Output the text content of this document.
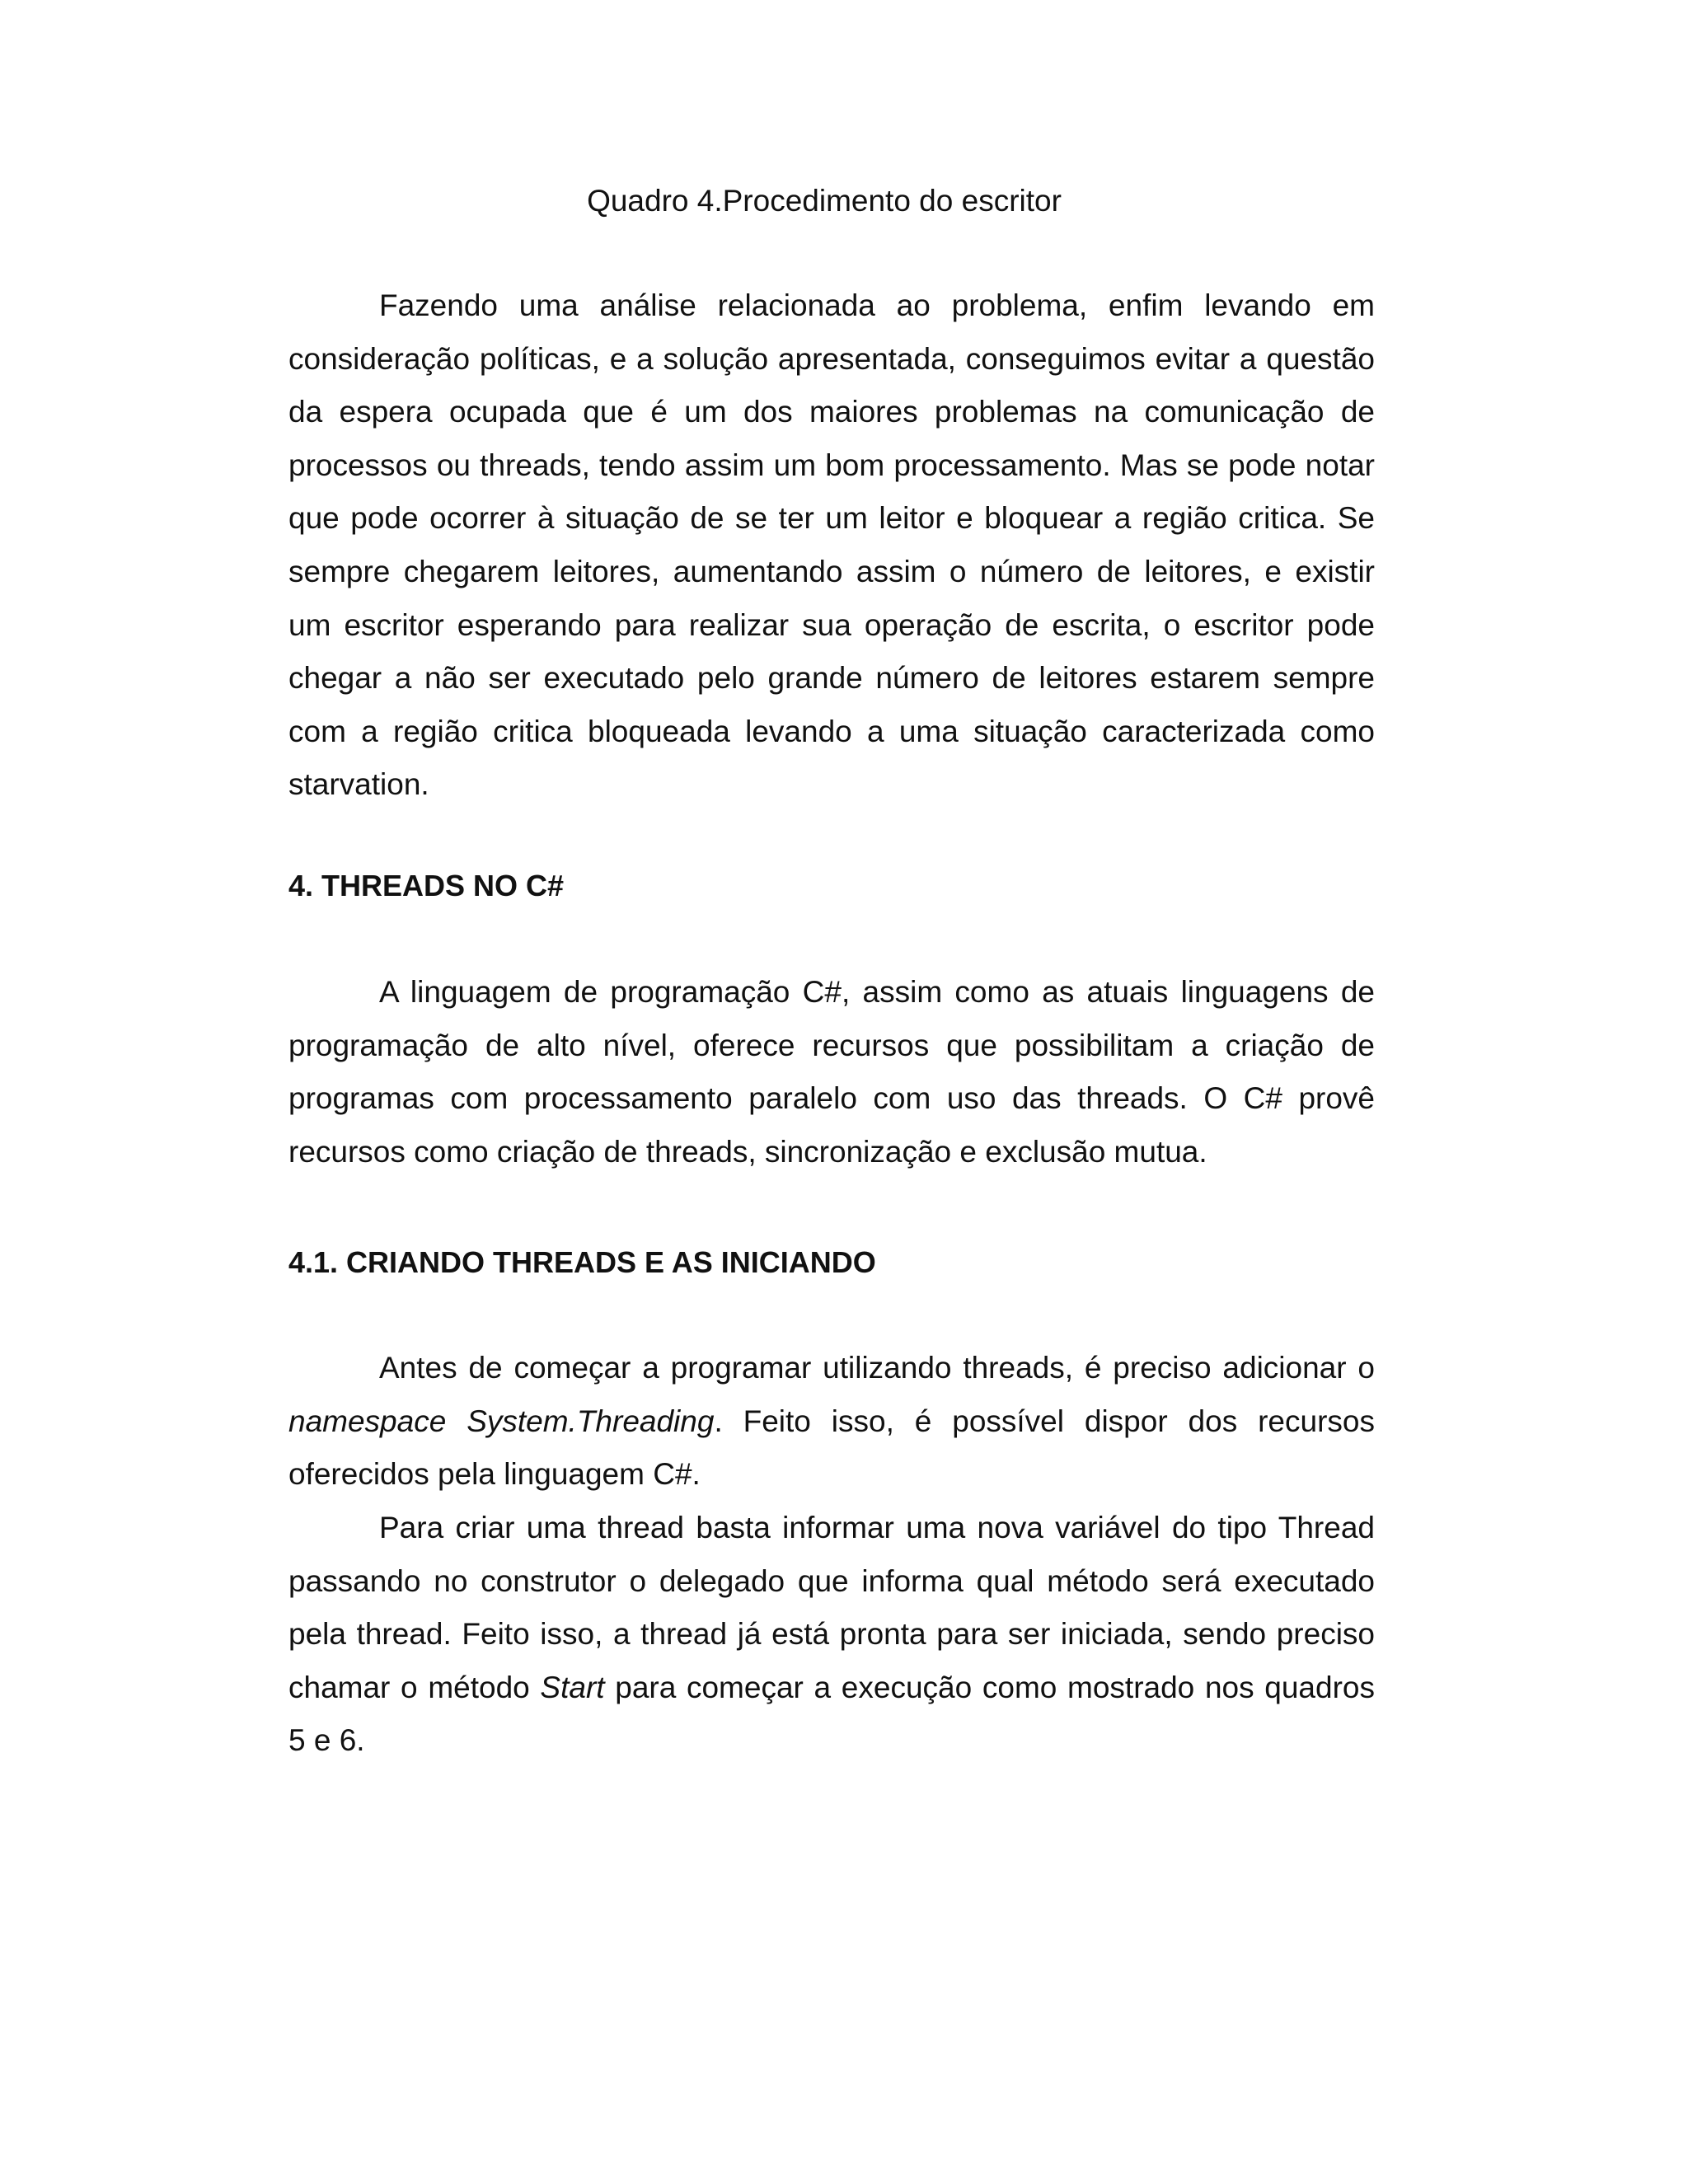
Quadro 4.Procedimento do escritor

Fazendo uma análise relacionada ao problema, enfim levando em consideração políticas, e a solução apresentada, conseguimos evitar a questão da espera ocupada que é um dos maiores problemas na comunicação de processos ou threads, tendo assim um bom processamento. Mas se pode notar que pode ocorrer à situação de se ter um leitor e bloquear a região critica. Se sempre chegarem leitores, aumentando assim o número de leitores, e existir um escritor esperando para realizar sua operação de escrita, o escritor pode chegar a não ser executado pelo grande número de leitores estarem sempre com a região critica bloqueada levando a uma situação caracterizada como starvation.

4. THREADS NO C#

A linguagem de programação C#, assim como as atuais linguagens de programação de alto nível, oferece recursos que possibilitam a criação de programas com processamento paralelo com uso das threads. O C# provê recursos como criação de threads, sincronização e exclusão mutua.

4.1. CRIANDO THREADS E AS INICIANDO

Antes de começar a programar utilizando threads, é preciso adicionar o namespace System.Threading. Feito isso, é possível dispor dos recursos oferecidos pela linguagem C#.

Para criar uma thread basta informar uma nova variável do tipo Thread passando no construtor o delegado que informa qual método será executado pela thread. Feito isso, a thread já está pronta para ser iniciada, sendo preciso chamar o método Start para começar a execução como mostrado nos quadros 5 e 6.
